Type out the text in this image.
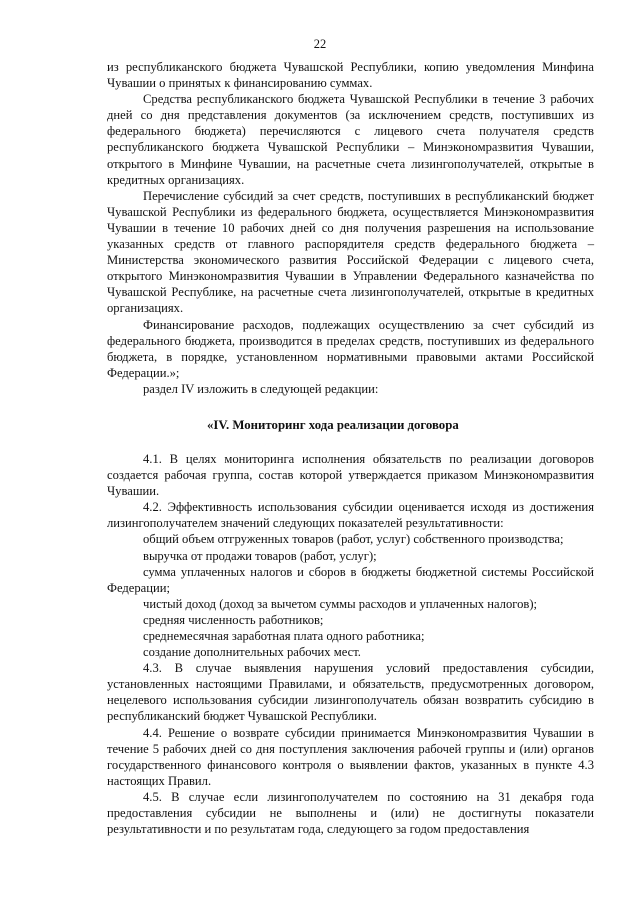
22

из республиканского бюджета Чувашской Республики, копию уведомления Минфина Чувашии о принятых к финансированию суммах.

Средства республиканского бюджета Чувашской Республики в течение 3 рабочих дней со дня представления документов (за исключением средств, поступивших из федерального бюджета) перечисляются с лицевого счета получателя средств республиканского бюджета Чувашской Республики – Минэкономразвития Чувашии, открытого в Минфине Чувашии, на расчетные счета лизингополучателей, открытые в кредитных организациях.

Перечисление субсидий за счет средств, поступивших в республиканский бюджет Чувашской Республики из федерального бюджета, осуществляется Минэкономразвития Чувашии в течение 10 рабочих дней со дня получения разрешения на использование указанных средств от главного распорядителя средств федерального бюджета – Министерства экономического развития Российской Федерации с лицевого счета, открытого Минэкономразвития Чувашии в Управлении Федерального казначейства по Чувашской Республике, на расчетные счета лизингополучателей, открытые в кредитных организациях.

Финансирование расходов, подлежащих осуществлению за счет субсидий из федерального бюджета, производится в пределах средств, поступивших из федерального бюджета, в порядке, установленном нормативными правовыми актами Российской Федерации.»;

раздел IV изложить в следующей редакции:

«IV. Мониторинг хода реализации договора

4.1. В целях мониторинга исполнения обязательств по реализации договоров создается рабочая группа, состав которой утверждается приказом Минэкономразвития Чувашии.

4.2. Эффективность использования субсидии оценивается исходя из достижения лизингополучателем значений следующих показателей результативности:

общий объем отгруженных товаров (работ, услуг) собственного производства;

выручка от продажи товаров (работ, услуг);

сумма уплаченных налогов и сборов в бюджеты бюджетной системы Российской Федерации;

чистый доход (доход за вычетом суммы расходов и уплаченных налогов);

средняя численность работников;

среднемесячная заработная плата одного работника;

создание дополнительных рабочих мест.

4.3. В случае выявления нарушения условий предоставления субсидии, установленных настоящими Правилами, и обязательств, предусмотренных договором, нецелевого использования субсидии лизингополучатель обязан возвратить субсидию в республиканский бюджет Чувашской Республики.

4.4. Решение о возврате субсидии принимается Минэкономразвития Чувашии в течение 5 рабочих дней со дня поступления заключения рабочей группы и (или) органов государственного финансового контроля о выявлении фактов, указанных в пункте 4.3 настоящих Правил.

4.5. В случае если лизингополучателем по состоянию на 31 декабря года предоставления субсидии не выполнены и (или) не достигнуты показатели результативности и по результатам года, следующего за годом предоставления
